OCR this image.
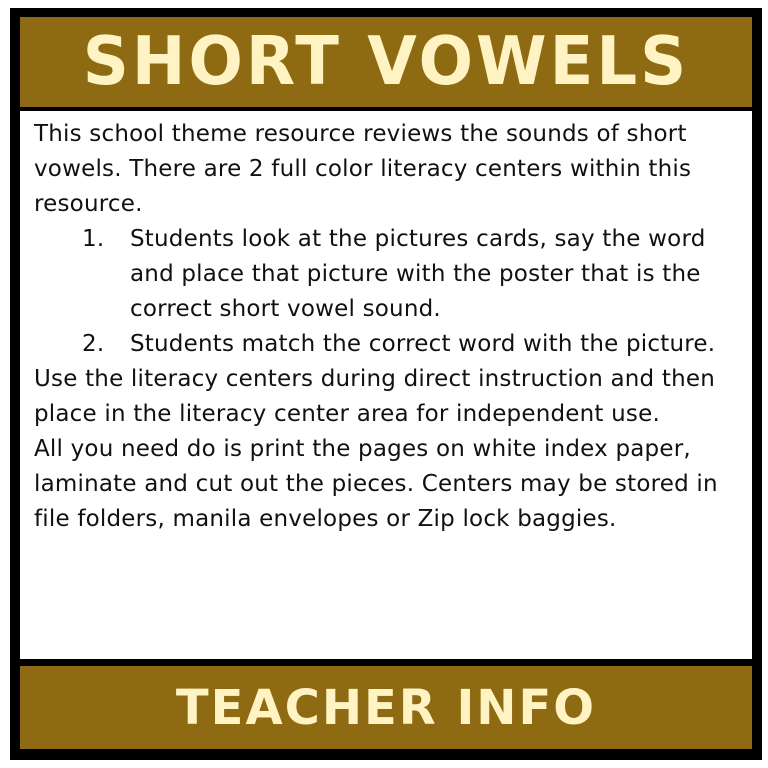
SHORT VOWELS

This school theme resource reviews the sounds of short vowels. There are 2 full color literacy centers within this resource.

1.	Students look at the pictures cards, say the word and place that picture with the poster that is the correct short vowel sound.
2.	Students match the correct word with the picture.

Use the literacy centers during direct instruction and then place in the literacy center area for independent use.

All you need do is print the pages on white index paper, laminate and cut out the pieces. Centers may be stored in file folders, manila envelopes or Zip lock baggies.

TEACHER INFO
